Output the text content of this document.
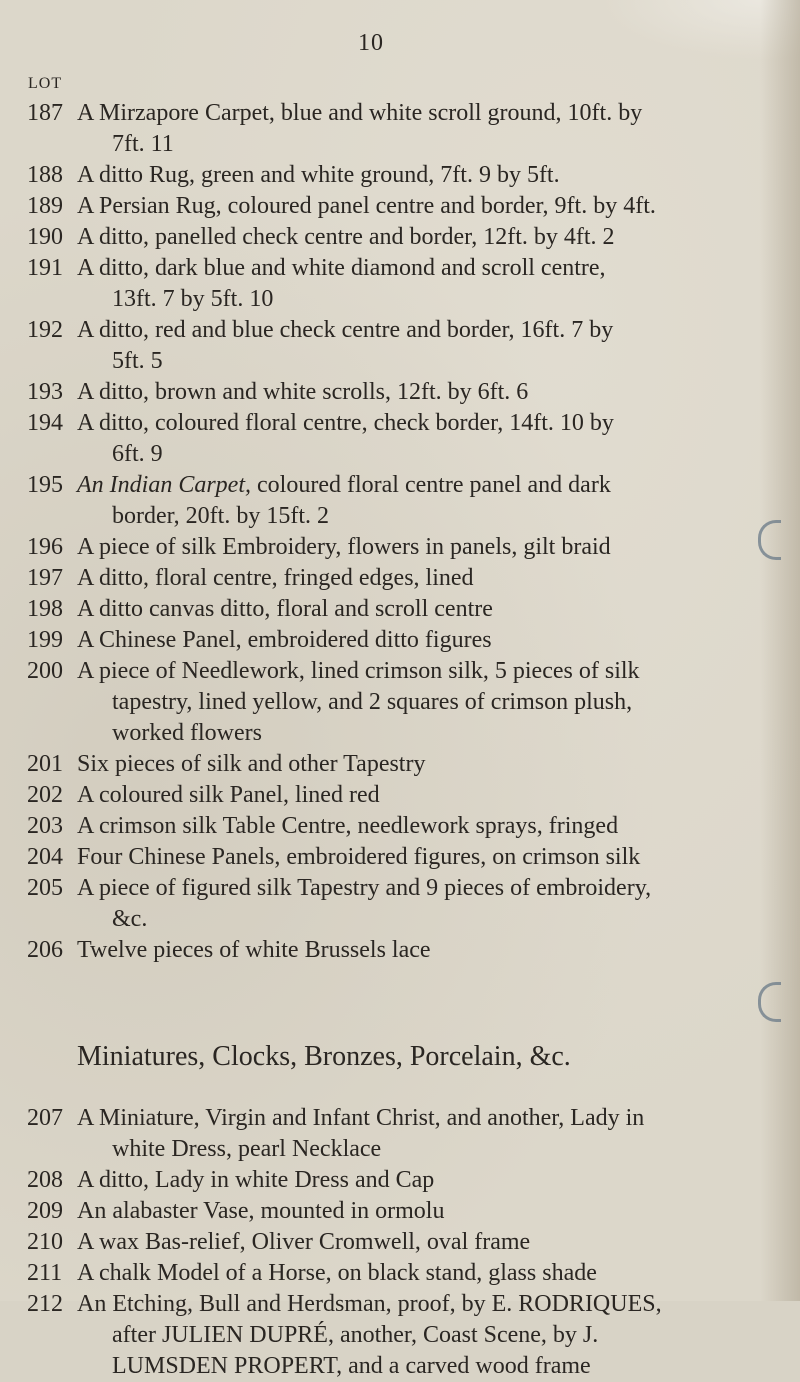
10
LOT
187 A Mirzapore Carpet, blue and white scroll ground, 10ft. by
7ft. 11
188 A ditto Rug, green and white ground, 7ft. 9 by 5ft.
189 A Persian Rug, coloured panel centre and border, 9ft. by 4ft.
190 A ditto, panelled check centre and border, 12ft. by 4ft. 2
191 A ditto, dark blue and white diamond and scroll centre,
13ft. 7 by 5ft. 10
192 A ditto, red and blue check centre and border, 16ft. 7 by
5ft. 5
193 A ditto, brown and white scrolls, 12ft. by 6ft. 6
194 A ditto, coloured floral centre, check border, 14ft. 10 by
6ft. 9
195 An Indian Carpet, coloured floral centre panel and dark
border, 20ft. by 15ft. 2
196 A piece of silk Embroidery, flowers in panels, gilt braid
197 A ditto, floral centre, fringed edges, lined
198 A ditto canvas ditto, floral and scroll centre
199 A Chinese Panel, embroidered ditto figures
200 A piece of Needlework, lined crimson silk, 5 pieces of silk
tapestry, lined yellow, and 2 squares of crimson plush,
worked flowers
201 Six pieces of silk and other Tapestry
202 A coloured silk Panel, lined red
203 A crimson silk Table Centre, needlework sprays, fringed
204 Four Chinese Panels, embroidered figures, on crimson silk
205 A piece of figured silk Tapestry and 9 pieces of embroidery,
&c.
206 Twelve pieces of white Brussels lace
207 A Miniature, Virgin and Infant Christ, and another, Lady in
white Dress, pearl Necklace
208 A ditto, Lady in white Dress and Cap
209 An alabaster Vase, mounted in ormolu
210 A wax Bas-relief, Oliver Cromwell, oval frame
211 A chalk Model of a Horse, on black stand, glass shade
212 An Etching, Bull and Herdsman, proof, by E. RODRIQUES,
after JULIEN DUPRÉ, another, Coast Scene, by J.
LUMSDEN PROPERT, and a carved wood frame
Miniatures, Clocks, Bronzes, Porcelain, &c.
